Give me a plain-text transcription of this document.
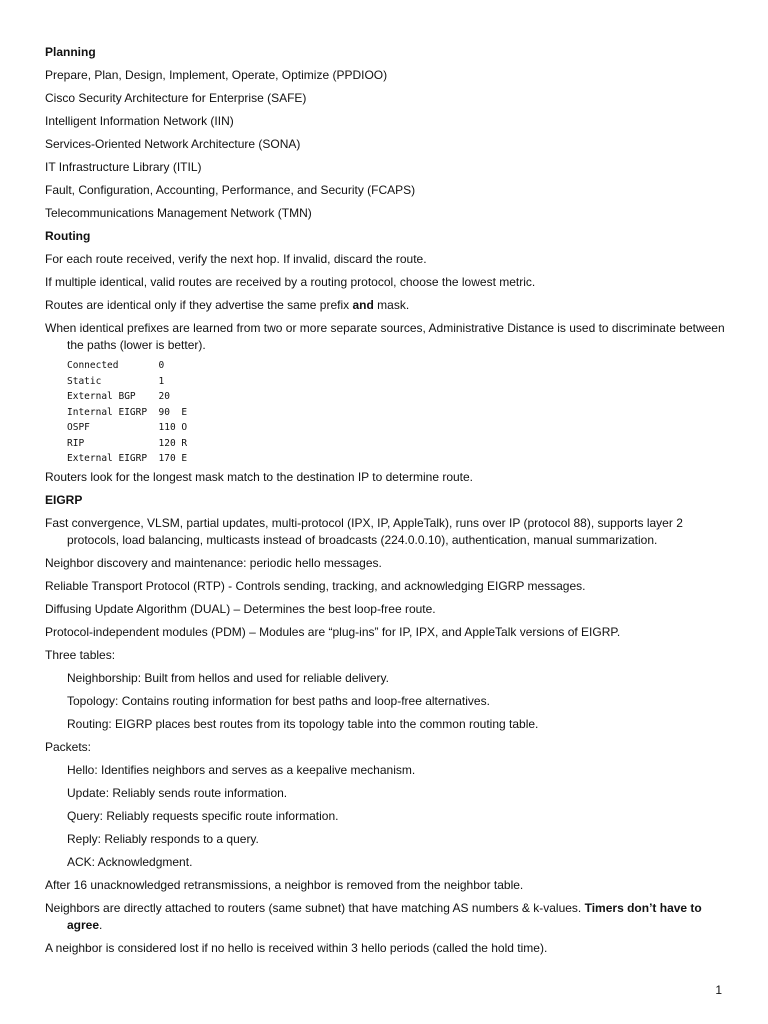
Planning
Prepare, Plan, Design, Implement, Operate, Optimize (PPDIOO)
Cisco Security Architecture for Enterprise (SAFE)
Intelligent Information Network (IIN)
Services-Oriented Network Architecture (SONA)
IT Infrastructure Library (ITIL)
Fault, Configuration, Accounting, Performance, and Security (FCAPS)
Telecommunications Management Network (TMN)
Routing
For each route received, verify the next hop. If invalid, discard the route.
If multiple identical, valid routes are received by a routing protocol, choose the lowest metric.
Routes are identical only if they advertise the same prefix and mask.
When identical prefixes are learned from two or more separate sources, Administrative Distance is used to discriminate between the paths (lower is better).
Connected       0
Static          1
External BGP    20
Internal EIGRP  90  E
OSPF            110 O
RIP             120 R
External EIGRP  170 E
Routers look for the longest mask match to the destination IP to determine route.
EIGRP
Fast convergence, VLSM, partial updates, multi-protocol (IPX, IP, AppleTalk), runs over IP (protocol 88), supports layer 2 protocols, load balancing, multicasts instead of broadcasts (224.0.0.10), authentication, manual summarization.
Neighbor discovery and maintenance: periodic hello messages.
Reliable Transport Protocol (RTP) - Controls sending, tracking, and acknowledging EIGRP messages.
Diffusing Update Algorithm (DUAL) – Determines the best loop-free route.
Protocol-independent modules (PDM) – Modules are “plug-ins” for IP, IPX, and AppleTalk versions of EIGRP.
Three tables:
Neighborship: Built from hellos and used for reliable delivery.
Topology: Contains routing information for best paths and loop-free alternatives.
Routing: EIGRP places best routes from its topology table into the common routing table.
Packets:
Hello: Identifies neighbors and serves as a keepalive mechanism.
Update: Reliably sends route information.
Query: Reliably requests specific route information.
Reply: Reliably responds to a query.
ACK: Acknowledgment.
After 16 unacknowledged retransmissions, a neighbor is removed from the neighbor table.
Neighbors are directly attached to routers (same subnet) that have matching AS numbers & k-values. Timers don’t have to agree.
A neighbor is considered lost if no hello is received within 3 hello periods (called the hold time).
1
